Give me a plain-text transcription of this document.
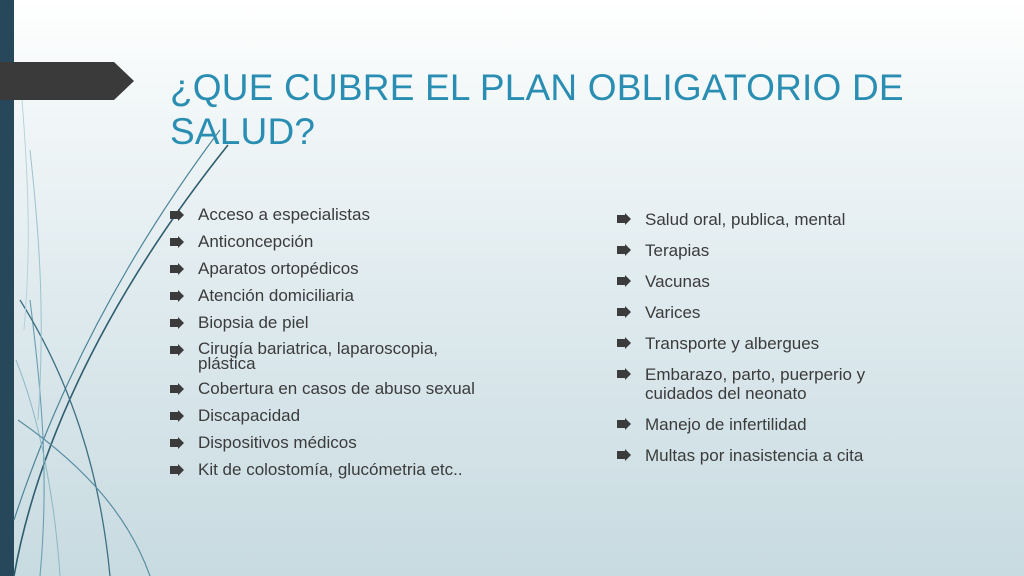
¿QUE CUBRE EL PLAN OBLIGATORIO DE SALUD?
Acceso a especialistas
Anticoncepción
Aparatos ortopédicos
Atención domiciliaria
Biopsia de piel
Cirugía bariatrica, laparoscopia, plástica
Cobertura en casos de abuso sexual
Discapacidad
Dispositivos médicos
Kit de colostomía, glucómetria etc..
Salud oral, publica, mental
Terapias
Vacunas
Varices
Transporte y albergues
Embarazo, parto, puerperio y cuidados del neonato
Manejo de infertilidad
Multas por inasistencia a cita
